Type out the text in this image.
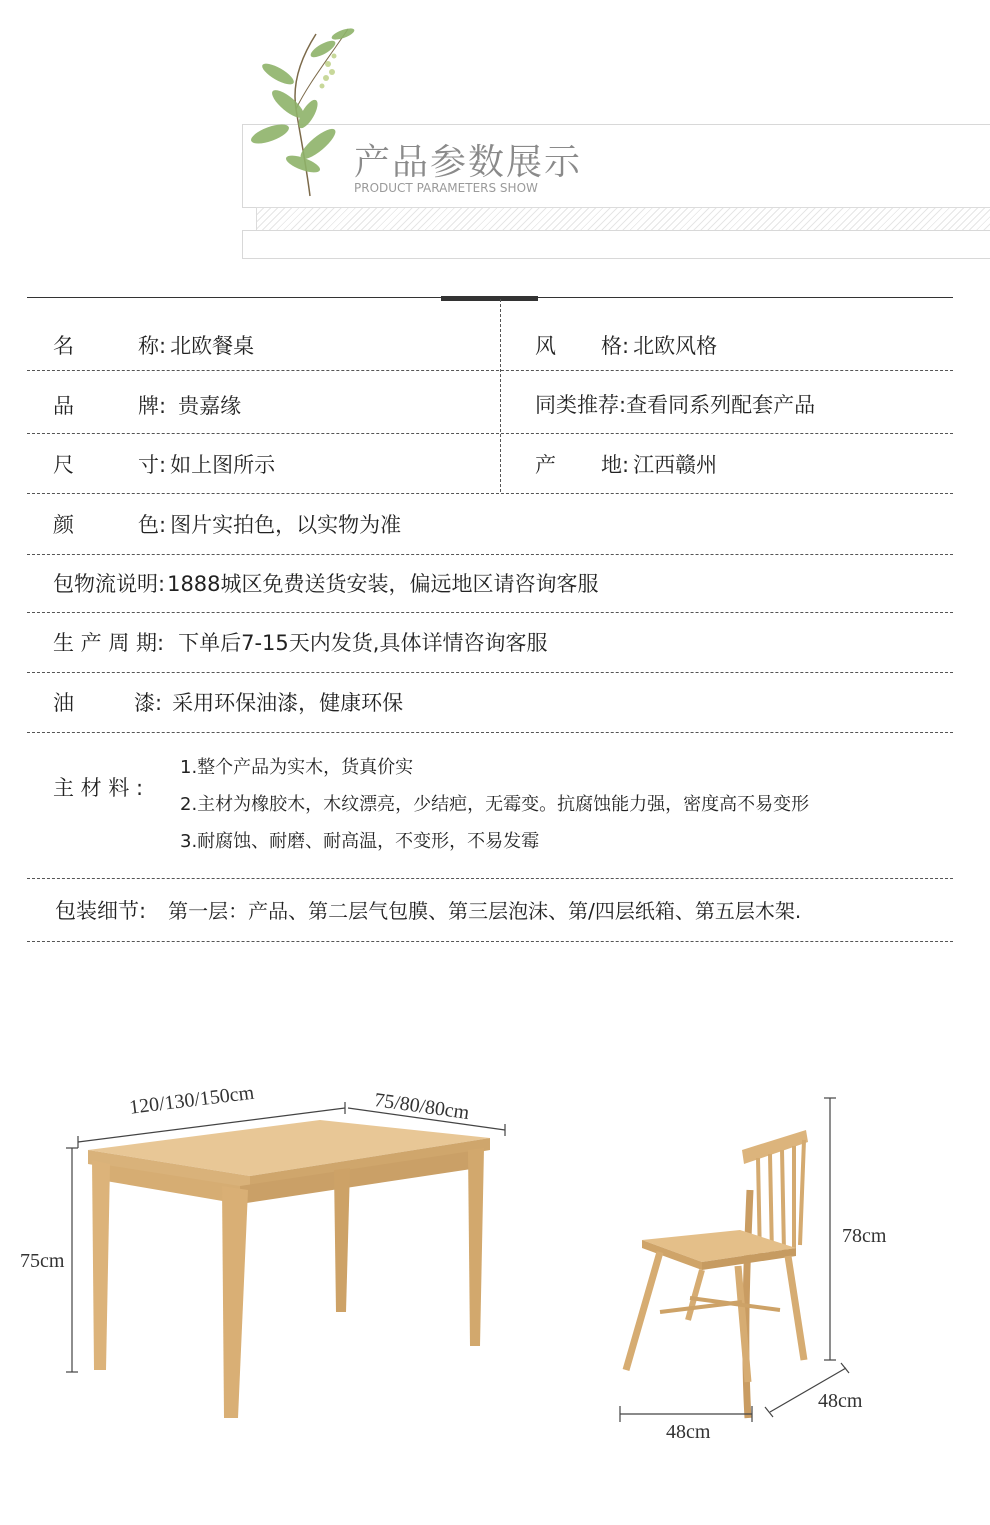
产品参数展示
PRODUCT PARAMETERS SHOW
名	称: 北欧餐桌	风 格: 北欧风格
品	牌: 贵嘉缘	同类推荐:查看同系列配套产品
尺	寸: 如上图所示	产 地: 江西赣州
颜	色: 图片实拍色，以实物为准
包物流说明:1888城区免费送货安装，偏远地区请咨询客服
生 产 周 期: 下单后7-15天内发货,具体详情咨询客服
油	漆: 采用环保油漆，健康环保
主 材 料 :
1.整个产品为实木，货真价实
2.主材为橡胶木，木纹漂亮，少结疤，无霉变。抗腐蚀能力强，密度高不易变形
3.耐腐蚀、耐磨、耐高温，不变形，不易发霉
包装细节: 第一层：产品、第二层气包膜、第三层泡沫、第/四层纸箱、第五层木架.
120/130/150cm	75/80/80cm
75cm
78cm
48cm
48cm
